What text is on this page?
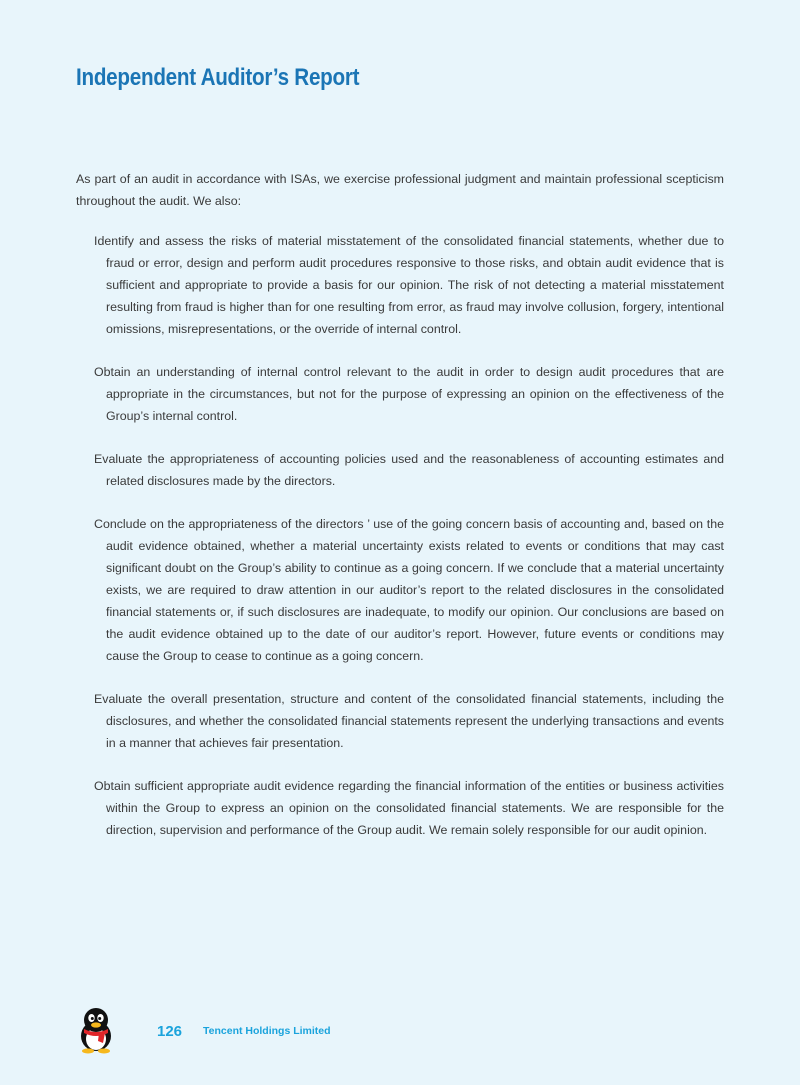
Independent Auditor’s Report

As part of an audit in accordance with ISAs, we exercise professional judgment and maintain professional scepticism throughout the audit. We also:

Identify and assess the risks of material misstatement of the consolidated financial statements, whether due to fraud or error, design and perform audit procedures responsive to those risks, and obtain audit evidence that is sufficient and appropriate to provide a basis for our opinion. The risk of not detecting a material misstatement resulting from fraud is higher than for one resulting from error, as fraud may involve collusion, forgery, intentional omissions, misrepresentations, or the override of internal control.
Obtain an understanding of internal control relevant to the audit in order to design audit procedures that are appropriate in the circumstances, but not for the purpose of expressing an opinion on the effectiveness of the Group’s internal control.
Evaluate the appropriateness of accounting policies used and the reasonableness of accounting estimates and related disclosures made by the directors.
Conclude on the appropriateness of the directors ’ use of the going concern basis of accounting and, based on the audit evidence obtained, whether a material uncertainty exists related to events or conditions that may cast significant doubt on the Group’s ability to continue as a going concern. If we conclude that a material uncertainty exists, we are required to draw attention in our auditor’s report to the related disclosures in the consolidated financial statements or, if such disclosures are inadequate, to modify our opinion. Our conclusions are based on the audit evidence obtained up to the date of our auditor’s report. However, future events or conditions may cause the Group to cease to continue as a going concern.
Evaluate the overall presentation, structure and content of the consolidated financial statements, including the disclosures, and whether the consolidated financial statements represent the underlying transactions and events in a manner that achieves fair presentation.
Obtain sufficient appropriate audit evidence regarding the financial information of the entities or business activities within the Group to express an opinion on the consolidated financial statements. We are responsible for the direction, supervision and performance of the Group audit. We remain solely responsible for our audit opinion.
126 Tencent Holdings Limited
